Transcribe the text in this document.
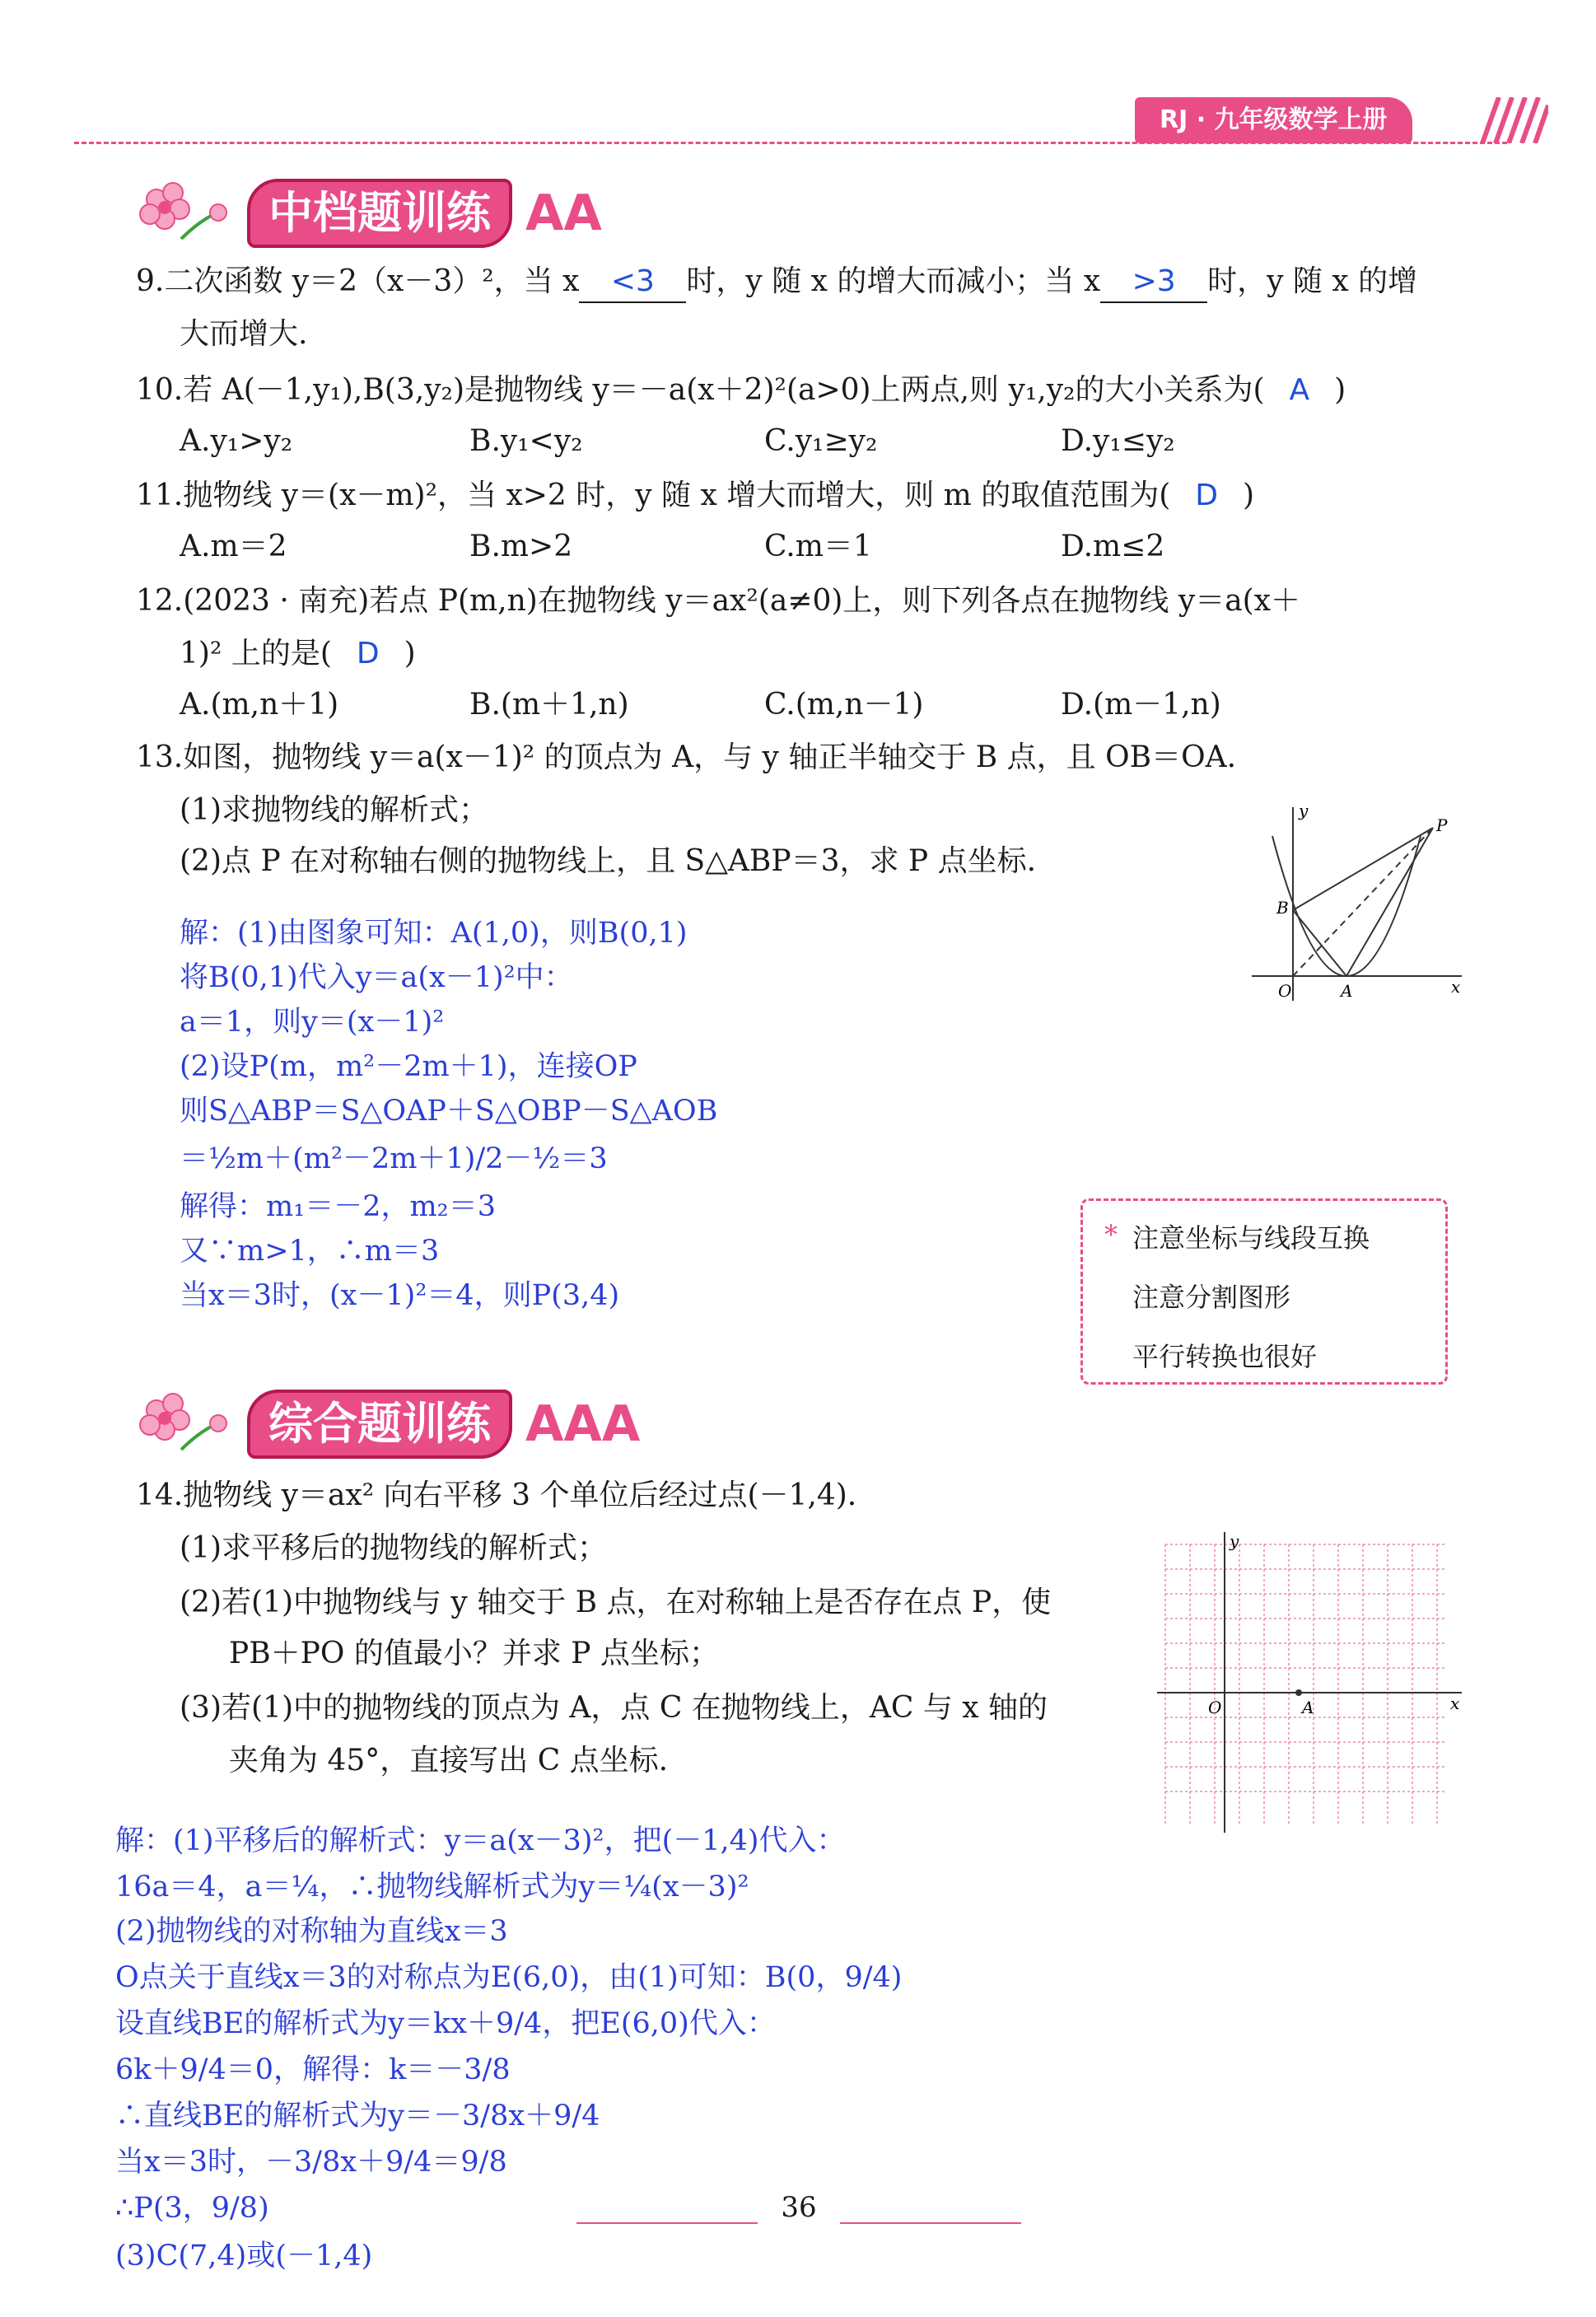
RJ · 九年级数学上册
中档题训练 AA
9.二次函数 y＝2（x－3）²，当 x <3 时，y 随 x 的增大而减小；当 x >3 时，y 随 x 的增
大而增大.
10.若 A(－1,y₁),B(3,y₂)是抛物线 y＝－a(x＋2)²(a>0)上两点,则 y₁,y₂的大小关系为( A )
A.y₁>y₂	B.y₁<y₂	C.y₁≥y₂	D.y₁≤y₂
11.抛物线 y＝(x－m)²，当 x>2 时，y 随 x 增大而增大，则 m 的取值范围为( D )
A.m＝2	B.m>2	C.m＝1	D.m≤2
12.(2023 · 南充)若点 P(m,n)在抛物线 y＝ax²(a≠0)上，则下列各点在抛物线 y＝a(x＋
1)² 上的是( D )
A.(m,n＋1)	B.(m＋1,n)	C.(m,n－1)	D.(m－1,n)
13.如图，抛物线 y＝a(x－1)² 的顶点为 A，与 y 轴正半轴交于 B 点，且 OB＝OA.
(1)求抛物线的解析式；
(2)点 P 在对称轴右侧的抛物线上，且 S△ABP＝3，求 P 点坐标.
y
x
O	A
B
P
解：(1)由图象可知：A(1,0)，则B(0,1)
将B(0,1)代入y＝a(x－1)²中：
a＝1，则y＝(x－1)²
(2)设P(m，m²－2m＋1)，连接OP
则S△ABP＝S△OAP＋S△OBP－S△AOB
＝½m＋(m²－2m＋1)/2－½＝3
解得：m₁＝－2，m₂＝3
又∵m>1，∴m＝3
当x＝3时，(x－1)²＝4，则P(3,4)
* 注意坐标与线段互换
注意分割图形
平行转换也很好
综合题训练 AAA
14.抛物线 y＝ax² 向右平移 3 个单位后经过点(－1,4).
(1)求平移后的抛物线的解析式；
(2)若(1)中抛物线与 y 轴交于 B 点，在对称轴上是否存在点 P，使
PB＋PO 的值最小？并求 P 点坐标；
(3)若(1)中的抛物线的顶点为 A，点 C 在抛物线上，AC 与 x 轴的
夹角为 45°，直接写出 C 点坐标.
y
x
O	A
解：(1)平移后的解析式：y＝a(x－3)²，把(－1,4)代入：
16a＝4，a＝¼，∴抛物线解析式为y＝¼(x－3)²
(2)抛物线的对称轴为直线x＝3
O点关于直线x＝3的对称点为E(6,0)，由(1)可知：B(0，9/4)
设直线BE的解析式为y＝kx＋9/4，把E(6,0)代入：
6k＋9/4＝0，解得：k＝－3/8
∴直线BE的解析式为y＝－3/8x＋9/4
当x＝3时，－3/8x＋9/4＝9/8
∴P(3，9/8)
(3)C(7,4)或(－1,4)
36
